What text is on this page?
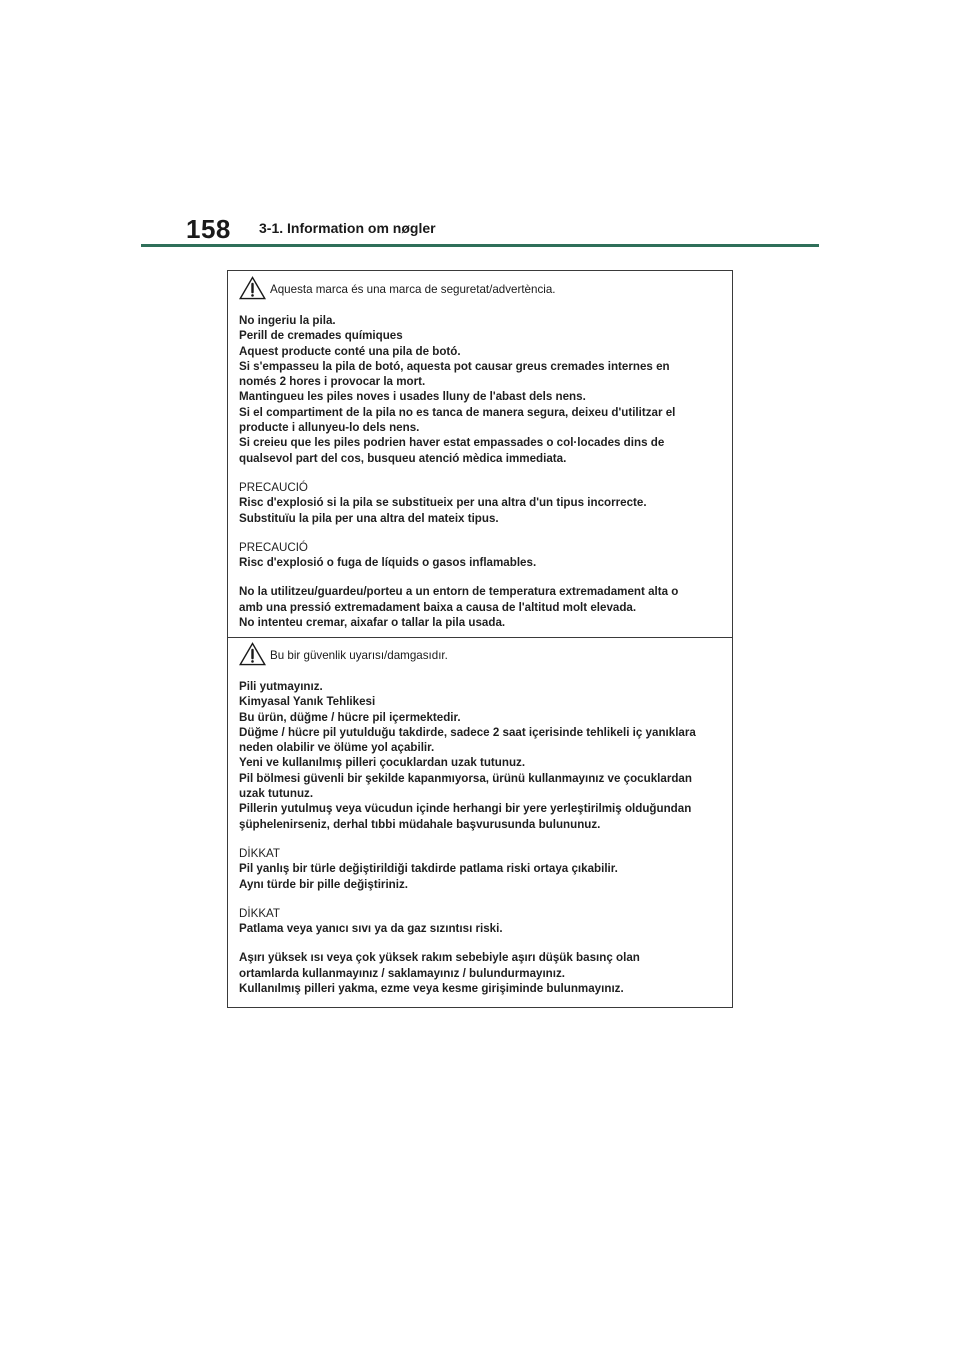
158 3-1. Information om nøgler
Aquesta marca és una marca de seguretat/advertència.

No ingeriu la pila.
Perill de cremades químiques
Aquest producte conté una pila de botó.
Si s'empasseu la pila de botó, aquesta pot causar greus cremades internes en
només 2 hores i provocar la mort.
Mantingueu les piles noves i usades lluny de l'abast dels nens.
Si el compartiment de la pila no es tanca de manera segura, deixeu d'utilitzar el
producte i allunyeu-lo dels nens.
Si creieu que les piles podrien haver estat empassades o col·locades dins de
qualsevol part del cos, busqueu atenció mèdica immediata.

PRECAUCIÓ

Risc d'explosió si la pila se substitueix per una altra d'un tipus incorrecte.
Substituïu la pila per una altra del mateix tipus.

PRECAUCIÓ

Risc d'explosió o fuga de líquids o gasos inflamables.

No la utilitzeu/guardeu/porteu a un entorn de temperatura extremadament alta o
amb una pressió extremadament baixa a causa de l'altitud molt elevada.
No intenteu cremar, aixafar o tallar la pila usada.

Bu bir güvenlik uyarısı/damgasıdır.

Pili yutmayınız.
Kimyasal Yanık Tehlikesi
Bu ürün, düğme / hücre pil içermektedir.
Düğme / hücre pil yutulduğu takdirde, sadece 2 saat içerisinde tehlikeli iç yanıklara
neden olabilir ve ölüme yol açabilir.
Yeni ve kullanılmış pilleri çocuklardan uzak tutunuz.
Pil bölmesi güvenli bir şekilde kapanmıyorsa, ürünü kullanmayınız ve çocuklardan
uzak tutunuz.
Pillerin yutulmuş veya vücudun içinde herhangi bir yere yerleştirilmiş olduğundan
şüphelenirseniz, derhal tıbbi müdahale başvurusunda bulununuz.

DİKKAT

Pil yanlış bir türle değiştirildiği takdirde patlama riski ortaya çıkabilir.
Aynı türde bir pille değiştiriniz.

DİKKAT

Patlama veya yanıcı sıvı ya da gaz sızıntısı riski.

Aşırı yüksek ısı veya çok yüksek rakım sebebiyle aşırı düşük basınç olan
ortamlarda kullanmayınız / saklamayınız / bulundurmayınız.
Kullanılmış pilleri yakma, ezme veya kesme girişiminde bulunmayınız.
